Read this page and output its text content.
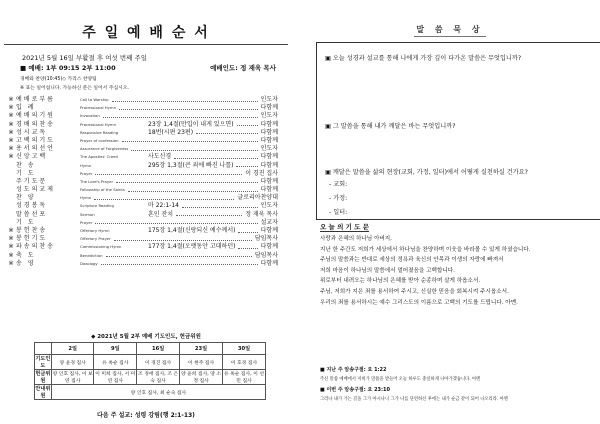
주 일 예 배 순 서
2021년 5월 16일 부활절 후 여섯 번째 주일
■ 예배: 1부 09:15 2부 11:00	예배인도: 정 재욱 목사
경배와 찬양(10:45)◇ 카리스 찬양팀
※ 표는 일어섭니다. 가능하신 분은 일어서 주십시오.
※ 예배로부름	Call to Worship	인도자
※ 입 례	Processional Hymn	다함께
※ 예배의기원	Invocation	인도자
※ 경배의찬송	Processional Hymn	23장 1,4절(만입이 내게 있으면)	다함께
※ 성시교독	Responsive Reading	18번(시편 23편)	다함께
※ 고백의기도	Prayer of confession	다함께
※ 용서의선언	Assurance of Forgiveness	인도자
※ 신앙고백	The Apostles' Creed	사도신경	다함께
찬 송	Hymn	295장 1,3절(큰 죄에 빠진 나를)	다함께
기 도	Prayer	이 경진 집사
주기도문	The Lord's Prayer	다함께
성도의교제	Fellowship of the Saints	다함께
찬 양	Hymn	글로리아찬양대
성경봉독	Scripture Reading	마 22:1-14	인도자
말씀선포	Sermon	혼인 잔치	정 재욱 목사
기 도	Prayer	설교자
※ 봉헌찬송	Offertory Hymn	175장 1,4절(신랑되신 예수께서)	다함께
※ 봉헌기도	Offertory Prayer	담임목사
※ 파송의찬송	Commissioning Hymn	177장 1,4절(오랫동안 고대하던)	다함께
※ 축 도	Benediction	담임목사
※ 송 영	Doxology	다함께
◆ 2021년 5월 2부 예배 기도인도, 헌금위원
	2일	9일	16일	23일	30일
기도인도	양 윤경 집사	유 옥순 집사	이 경진 집사	이 현주 집사	이 호경 집사
헌금위원	양 인호 집사, 이 보연 집사	이 미희 집사, 서 미연 집사	조 경애 집사, 조 은숙 집사	양 윤희 집사, 양 소정 집사	유 옥순 집사, 이 선민 집사
안내위원	양 인호 집사, 최 순숙 집사				
다음 주 설교: 성령 강림(행 2:1-13)
말 씀 묵 상
▣ 오늘 성경과 설교를 통해 나에게 가장 깊이 다가온 말씀은 무엇입니까?
▣ 그 말씀을 통해 내가 깨달은 바는 무엇입니까?
▣ 깨달은 말씀을 삶의 현장(교회, 가정, 일터)에서 어떻게 실천하실 건가요?
- 교회:
- 가정:
- 일터:
오 늘 의 기 도 문
사랑과 은혜의 하나님 아버지,
지난 한 주간도 저희가 세상에서 하나님을 찬양하며 이웃을 바라볼 수 있게 하셨습니다.
주님의 말씀과는 반대로 세상의 정욕과 육신의 안목과 이생의 자랑에 빠져서
저희 마음이 하나님의 말씀에서 멀어졌음을 고백합니다.
위로부터 내려오는 하나님의 은혜를 받아 순종하며 살게 하옵소서.
주님, 저희가 지은 죄를 용서하여 주시고, 신실한 믿음을 회복시켜 주시옵소서.
우리의 죄를 용서하시는 예수 그리스도의 이름으로 고백의 기도를 드립니다. 아멘.
■ 지난 주 암송구절: 요 1:22
주신 말씀 예배에서 저희가 말씀을 받들어 오늘 하루도 충실하게 나아가겠습니다. 아멘
■ 이번 주 암송구절: 요 23:10
그러나 내가 가는 길을 그가 아시나니 그가 나를 단련하신 후에는 내가 순금 같이 되어 나오리라. 아멘
